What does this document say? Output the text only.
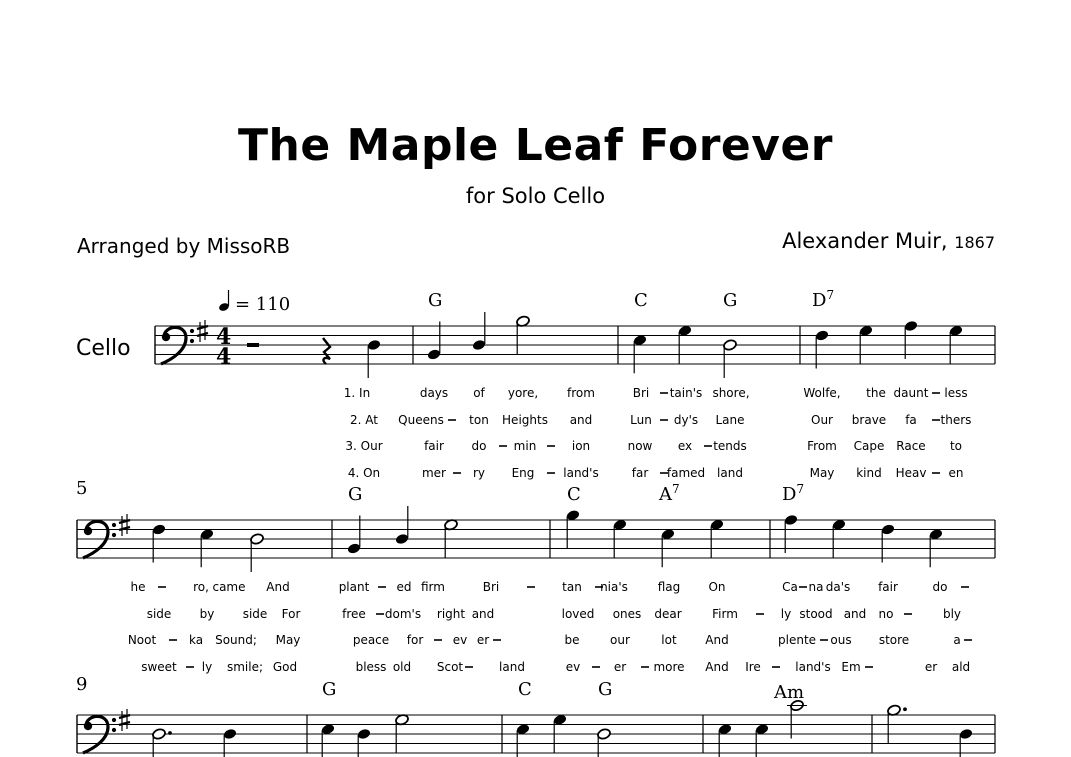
The Maple Leaf Forever
for Solo Cello
Arranged by MissoRB	Alexander Muir, 1867
Cello	4
4
= 110
5
9
G	C	G	$D^7$
G	C	$A^7$	$D^7$
G	C	G	Am
1. In	days of yore, from	Bri tain's shore,	Wolfe, the daunt less
2. At Queens ton Heights and	Lun dy's Lane	Our brave fa thers
3. Our	fair do min	ion	now ex tends	From Cape Race to
4. On	mer ry Eng land's	far famed land	May kind Heav en
he	ro, came And	plant ed firm	Bri	tan nia's flag On	Ca na da's fair	do
side by side For	free dom's right and	loved ones dear	Firm	ly stood and no	bly
Noot	ka Sound; May	peace for ev er	be	our	lot And	plen te ous store	a
sweet ly smile; God	bless old Scot	land	ev	er more And Ire	land's Em	er ald
